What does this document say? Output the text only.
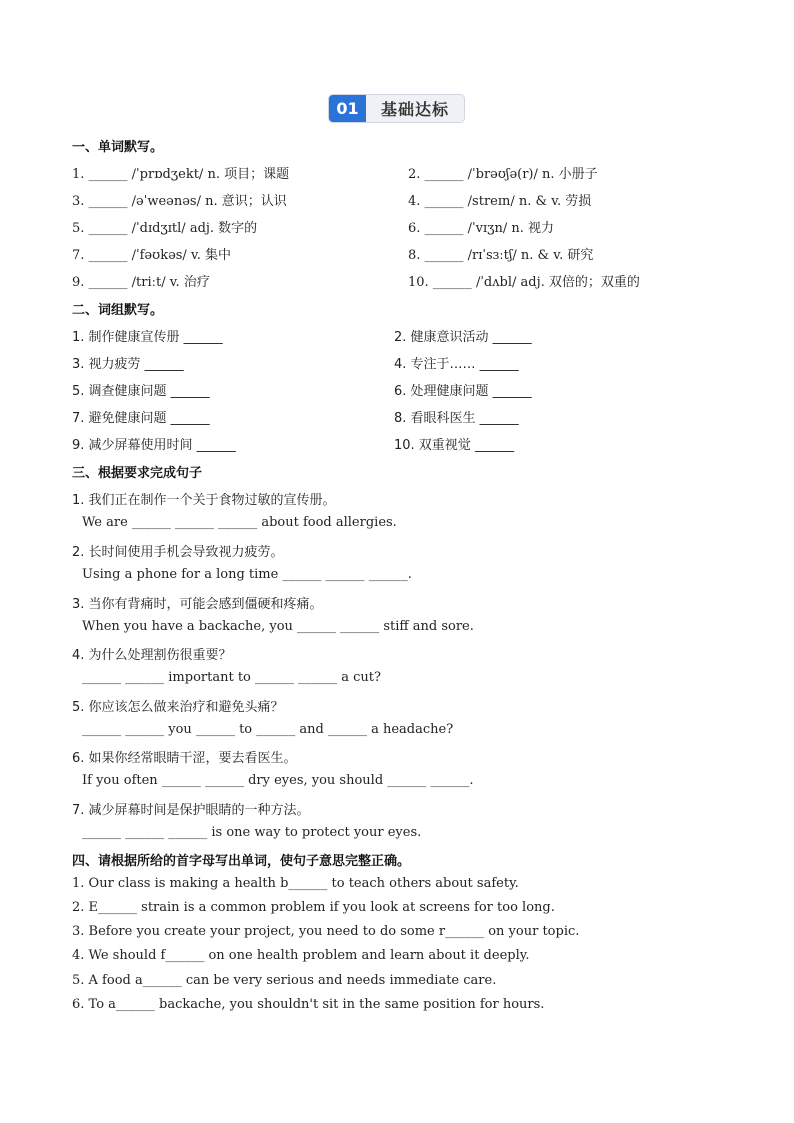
01	基础达标
一、单词默写。
1. ______ /ˈprɒdʒekt/ n. 项目；课题	2. ______ /ˈbrəʊʃə(r)/ n. 小册子
3. ______ /əˈweənəs/ n. 意识；认识	4. ______ /streɪn/ n. & v. 劳损
5. ______ /ˈdɪdʒɪtl/ adj. 数字的	6. ______ /ˈvɪʒn/ n. 视力
7. ______ /ˈfəʊkəs/ v. 集中	8. ______ /rɪˈsɜːtʃ/ n. & v. 研究
9. ______ /triːt/ v. 治疗	10. ______ /ˈdʌbl/ adj. 双倍的；双重的
二、词组默写。
1. 制作健康宣传册 ______	2. 健康意识活动 ______
3. 视力疲劳 ______	4. 专注于…… ______
5. 调查健康问题 ______	6. 处理健康问题 ______
7. 避免健康问题 ______	8. 看眼科医生 ______
9. 减少屏幕使用时间 ______	10. 双重视觉 ______
三、根据要求完成句子
1. 我们正在制作一个关于食物过敏的宣传册。
We are ______ ______ ______ about food allergies.
2. 长时间使用手机会导致视力疲劳。
Using a phone for a long time ______ ______ ______.
3. 当你有背痛时，可能会感到僵硬和疼痛。
When you have a backache, you ______ ______ stiff and sore.
4. 为什么处理割伤很重要？
______ ______ important to ______ ______ a cut?
5. 你应该怎么做来治疗和避免头痛？
______ ______ you ______ to ______ and ______ a headache?
6. 如果你经常眼睛干涩，要去看医生。
If you often ______ ______ dry eyes, you should ______ ______.
7. 减少屏幕时间是保护眼睛的一种方法。
______ ______ ______ is one way to protect your eyes.
四、请根据所给的首字母写出单词，使句子意思完整正确。
1. Our class is making a health b______ to teach others about safety.
2. E______ strain is a common problem if you look at screens for too long.
3. Before you create your project, you need to do some r______ on your topic.
4. We should f______ on one health problem and learn about it deeply.
5. A food a______ can be very serious and needs immediate care.
6. To a______ backache, you shouldn't sit in the same position for hours.
